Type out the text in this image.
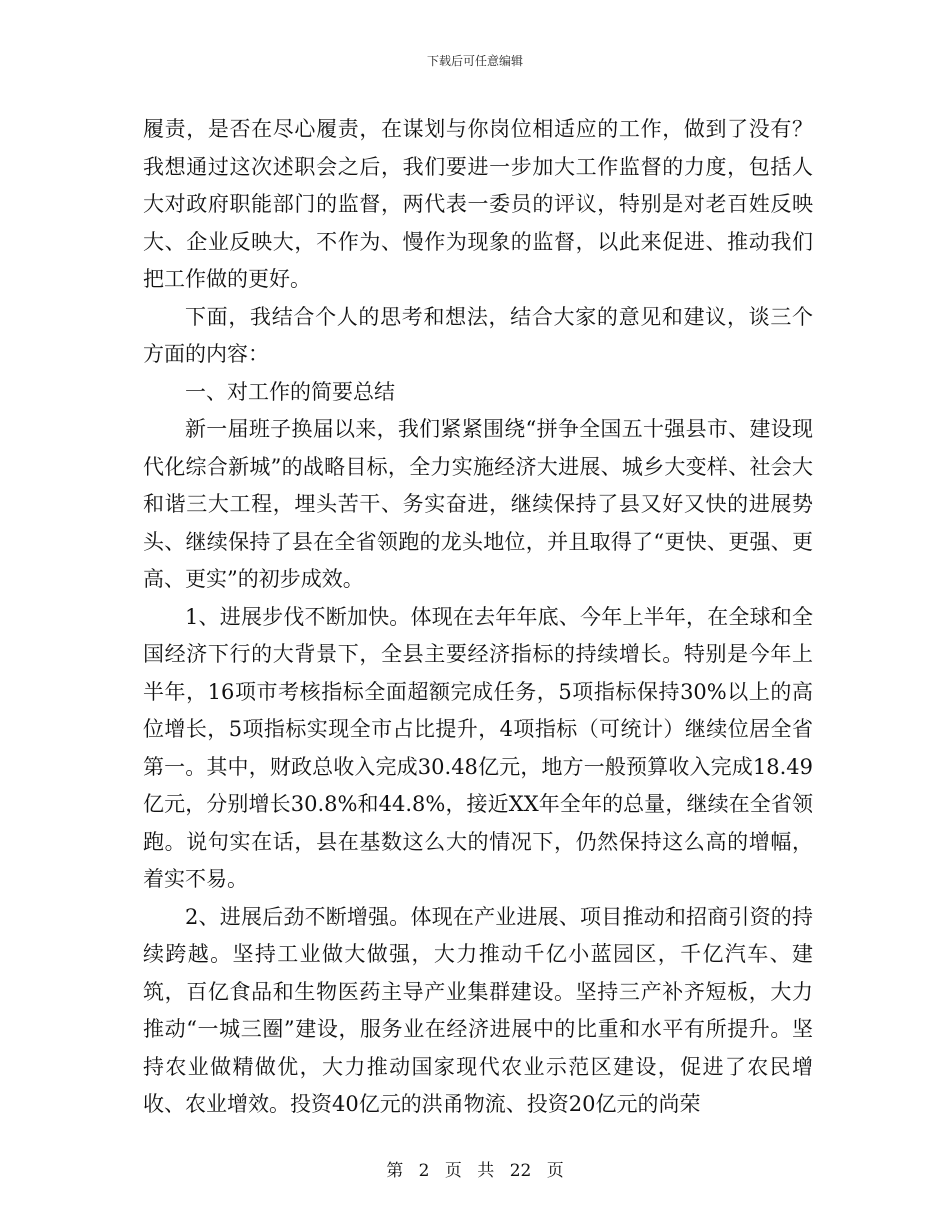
下载后可任意编辑

履责，是否在尽心履责，在谋划与你岗位相适应的工作，做到了没有？我想通过这次述职会之后，我们要进一步加大工作监督的力度，包括人大对政府职能部门的监督，两代表一委员的评议，特别是对老百姓反映大、企业反映大，不作为、慢作为现象的监督，以此来促进、推动我们把工作做的更好。

下面，我结合个人的思考和想法，结合大家的意见和建议，谈三个方面的内容：

一、对工作的简要总结

新一届班子换届以来，我们紧紧围绕“拼争全国五十强县市、建设现代化综合新城”的战略目标，全力实施经济大进展、城乡大变样、社会大和谐三大工程，埋头苦干、务实奋进，继续保持了县又好又快的进展势头、继续保持了县在全省领跑的龙头地位，并且取得了“更快、更强、更高、更实”的初步成效。

1、进展步伐不断加快。体现在去年年底、今年上半年，在全球和全国经济下行的大背景下，全县主要经济指标的持续增长。特别是今年上半年，16项市考核指标全面超额完成任务，5项指标保持30%以上的高位增长，5项指标实现全市占比提升，4项指标（可统计）继续位居全省第一。其中，财政总收入完成30.48亿元，地方一般预算收入完成18.49亿元，分别增长30.8%和44.8%，接近XX年全年的总量，继续在全省领跑。说句实在话，县在基数这么大的情况下，仍然保持这么高的增幅，着实不易。

2、进展后劲不断增强。体现在产业进展、项目推动和招商引资的持续跨越。坚持工业做大做强，大力推动千亿小蓝园区，千亿汽车、建筑，百亿食品和生物医药主导产业集群建设。坚持三产补齐短板，大力推动“一城三圈”建设，服务业在经济进展中的比重和水平有所提升。坚持农业做精做优，大力推动国家现代农业示范区建设，促进了农民增收、农业增效。投资40亿元的洪甬物流、投资20亿元的尚荣

第 2 页 共 22 页
